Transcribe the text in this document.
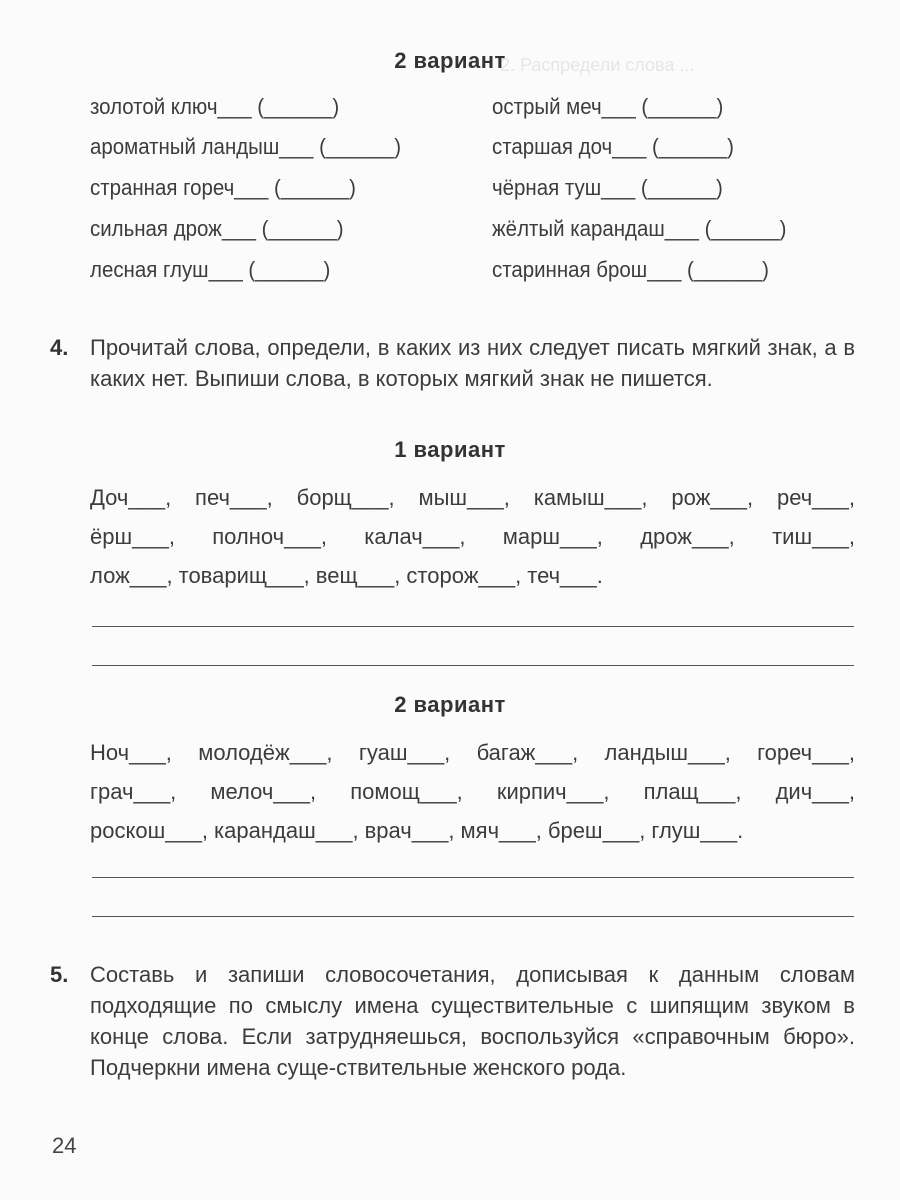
2. Распредели слова ...
2 вариант
золотой ключ___ (______)
ароматный ландыш___ (______)
странная гореч___ (______)
сильная дрож___ (______)
лесная глуш___ (______)
острый меч___ (______)
старшая доч___ (______)
чёрная туш___ (______)
жёлтый карандаш___ (______)
старинная брош___ (______)
4. Прочитай слова, определи, в каких из них следует писать мягкий знак, а в каких нет. Выпиши слова, в которых мягкий знак не пишется.
1 вариант
Доч___, печ___, борщ___, мыш___, камыш___, рож___, реч___,
ёрш___, полноч___, калач___, марш___, дрож___, тиш___,
лож___, товарищ___, вещ___, сторож___, теч___.
2 вариант
Ноч___, молодёж___, гуаш___, багаж___, ландыш___, гореч___,
грач___, мелоч___, помощ___, кирпич___, плащ___, дич___,
роскош___, карандаш___, врач___, мяч___, бреш___, глуш___.
5. Составь и запиши словосочетания, дописывая к данным словам подходящие по смыслу имена существительные с шипящим звуком в конце слова. Если затрудняешься, воспользуйся «справочным бюро». Подчеркни имена суще-ствительные женского рода.
24
